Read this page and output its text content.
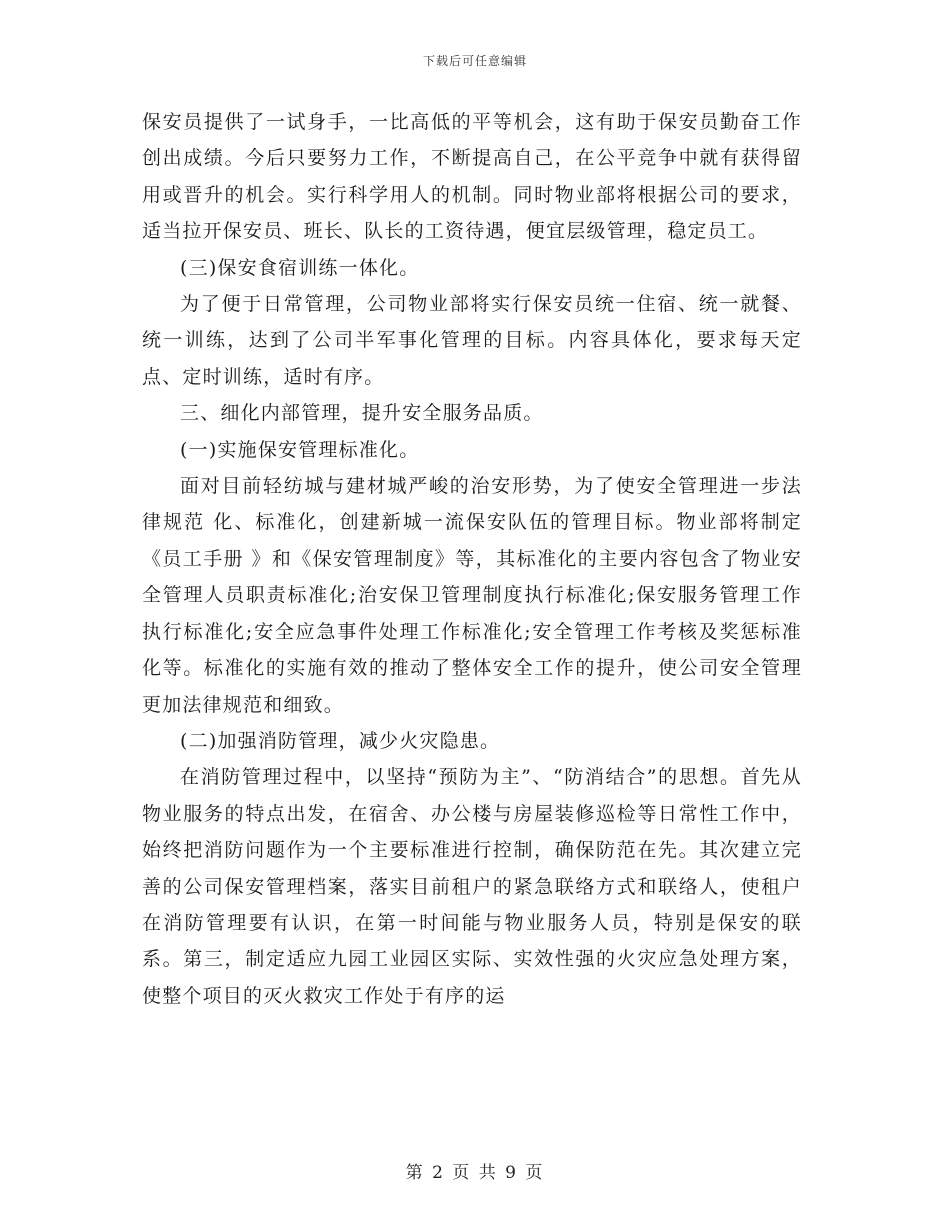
下载后可任意编辑

保安员提供了一试身手，一比高低的平等机会，这有助于保安员勤奋工作创出成绩。今后只要努力工作，不断提高自己，在公平竞争中就有获得留用或晋升的机会。实行科学用人的机制。同时物业部将根据公司的要求，适当拉开保安员、班长、队长的工资待遇，便宜层级管理，稳定员工。

(三)保安食宿训练一体化。

为了便于日常管理，公司物业部将实行保安员统一住宿、统一就餐、统一训练，达到了公司半军事化管理的目标。内容具体化，要求每天定点、定时训练，适时有序。

三、细化内部管理，提升安全服务品质。

(一)实施保安管理标准化。

面对目前轻纺城与建材城严峻的治安形势，为了使安全管理进一步法律规范 化、标准化，创建新城一流保安队伍的管理目标。物业部将制定《员工手册 》和《保安管理制度》等，其标准化的主要内容包含了物业安全管理人员职责标准化;治安保卫管理制度执行标准化;保安服务管理工作执行标准化;安全应急事件处理工作标准化;安全管理工作考核及奖惩标准化等。标准化的实施有效的推动了整体安全工作的提升，使公司安全管理更加法律规范和细致。

(二)加强消防管理，减少火灾隐患。

在消防管理过程中，以坚持“预防为主”、“防消结合”的思想。首先从物业服务的特点出发，在宿舍、办公楼与房屋装修巡检等日常性工作中，始终把消防问题作为一个主要标准进行控制，确保防范在先。其次建立完善的公司保安管理档案，落实目前租户的紧急联络方式和联络人，使租户在消防管理要有认识，在第一时间能与物业服务人员，特别是保安的联系。第三，制定适应九园工业园区实际、实效性强的火灾应急处理方案，使整个项目的灭火救灾工作处于有序的运

第 2 页 共 9 页
